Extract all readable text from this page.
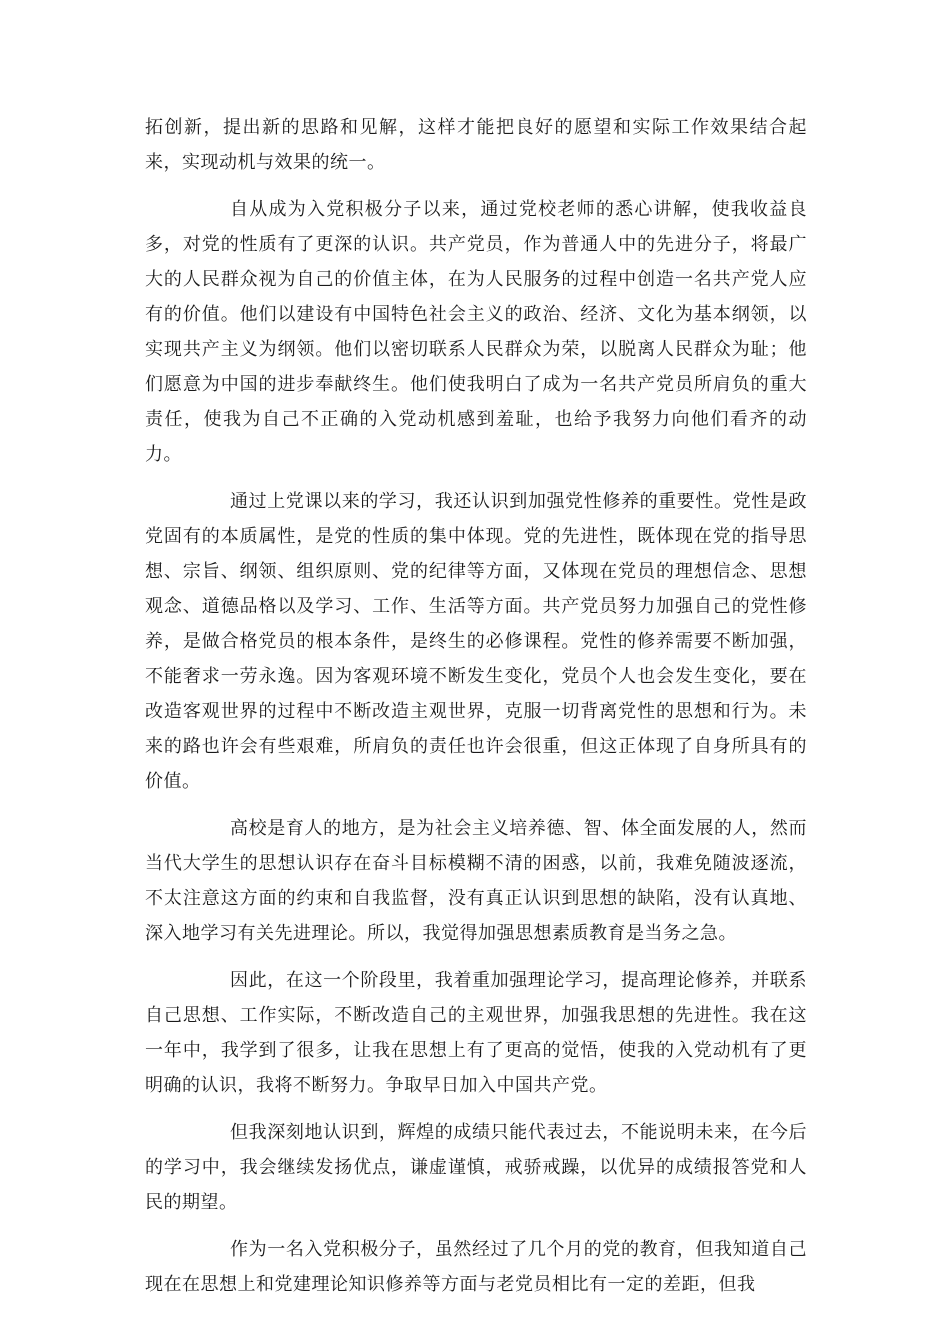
拓创新，提出新的思路和见解，这样才能把良好的愿望和实际工作效果结合起来，实现动机与效果的统一。

自从成为入党积极分子以来，通过党校老师的悉心讲解，使我收益良多，对党的性质有了更深的认识。共产党员，作为普通人中的先进分子，将最广大的人民群众视为自己的价值主体，在为人民服务的过程中创造一名共产党人应有的价值。他们以建设有中国特色社会主义的政治、经济、文化为基本纲领，以实现共产主义为纲领。他们以密切联系人民群众为荣，以脱离人民群众为耻；他们愿意为中国的进步奉献终生。他们使我明白了成为一名共产党员所肩负的重大责任，使我为自己不正确的入党动机感到羞耻，也给予我努力向他们看齐的动力。

通过上党课以来的学习，我还认识到加强党性修养的重要性。党性是政党固有的本质属性，是党的性质的集中体现。党的先进性，既体现在党的指导思想、宗旨、纲领、组织原则、党的纪律等方面，又体现在党员的理想信念、思想观念、道德品格以及学习、工作、生活等方面。共产党员努力加强自己的党性修养，是做合格党员的根本条件，是终生的必修课程。党性的修养需要不断加强，不能奢求一劳永逸。因为客观环境不断发生变化，党员个人也会发生变化，要在改造客观世界的过程中不断改造主观世界，克服一切背离党性的思想和行为。未来的路也许会有些艰难，所肩负的责任也许会很重，但这正体现了自身所具有的价值。

高校是育人的地方，是为社会主义培养德、智、体全面发展的人，然而当代大学生的思想认识存在奋斗目标模糊不清的困惑，以前，我难免随波逐流，不太注意这方面的约束和自我监督，没有真正认识到思想的缺陷，没有认真地、深入地学习有关先进理论。所以，我觉得加强思想素质教育是当务之急。

因此，在这一个阶段里，我着重加强理论学习，提高理论修养，并联系自己思想、工作实际，不断改造自己的主观世界，加强我思想的先进性。我在这一年中，我学到了很多，让我在思想上有了更高的觉悟，使我的入党动机有了更明确的认识，我将不断努力。争取早日加入中国共产党。

但我深刻地认识到，辉煌的成绩只能代表过去，不能说明未来，在今后的学习中，我会继续发扬优点，谦虚谨慎，戒骄戒躁，以优异的成绩报答党和人民的期望。

作为一名入党积极分子，虽然经过了几个月的党的教育，但我知道自己现在在思想上和党建理论知识修养等方面与老党员相比有一定的差距，但我
